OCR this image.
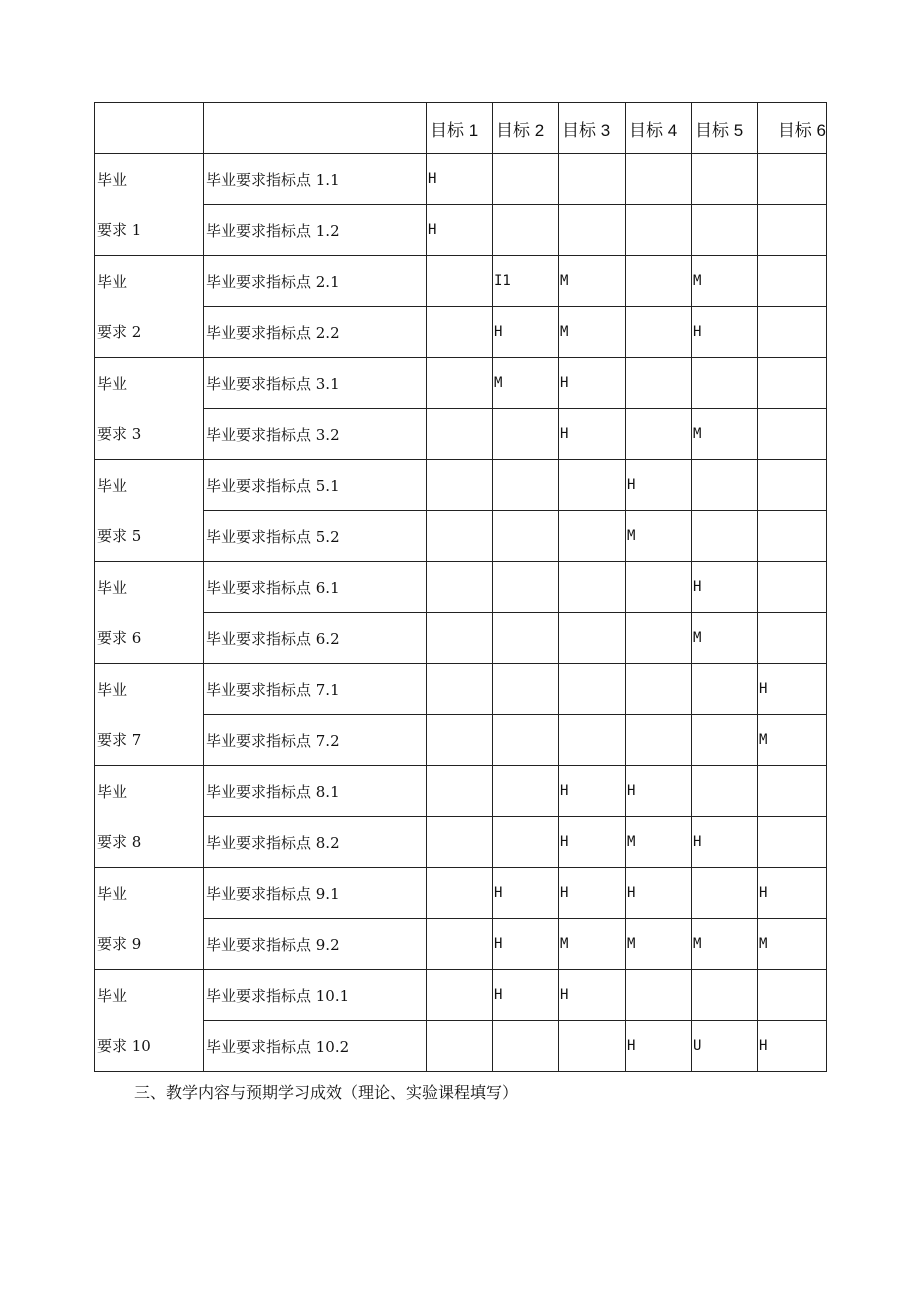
		目标 1	目标 2	目标 3	目标 4	目标 5	目标 6
毕业	毕业要求指标点 1.1	H					
要求 1	毕业要求指标点 1.2	H					
毕业	毕业要求指标点 2.1		I1	M		M	
要求 2	毕业要求指标点 2.2		H	M		H	
毕业	毕业要求指标点 3.1		M	H			
要求 3	毕业要求指标点 3.2			H		M	
毕业	毕业要求指标点 5.1				H		
要求 5	毕业要求指标点 5.2				M		
毕业	毕业要求指标点 6.1					H	
要求 6	毕业要求指标点 6.2					M	
毕业	毕业要求指标点 7.1						H
要求 7	毕业要求指标点 7.2						M
毕业	毕业要求指标点 8.1			H	H		
要求 8	毕业要求指标点 8.2			H	M	H	
毕业	毕业要求指标点 9.1		H	H	H		H
要求 9	毕业要求指标点 9.2		H	M	M	M	M
毕业	毕业要求指标点 10.1		H	H			
要求 10	毕业要求指标点 10.2				H	U	H

三、教学内容与预期学习成效（理论、实验课程填写）
